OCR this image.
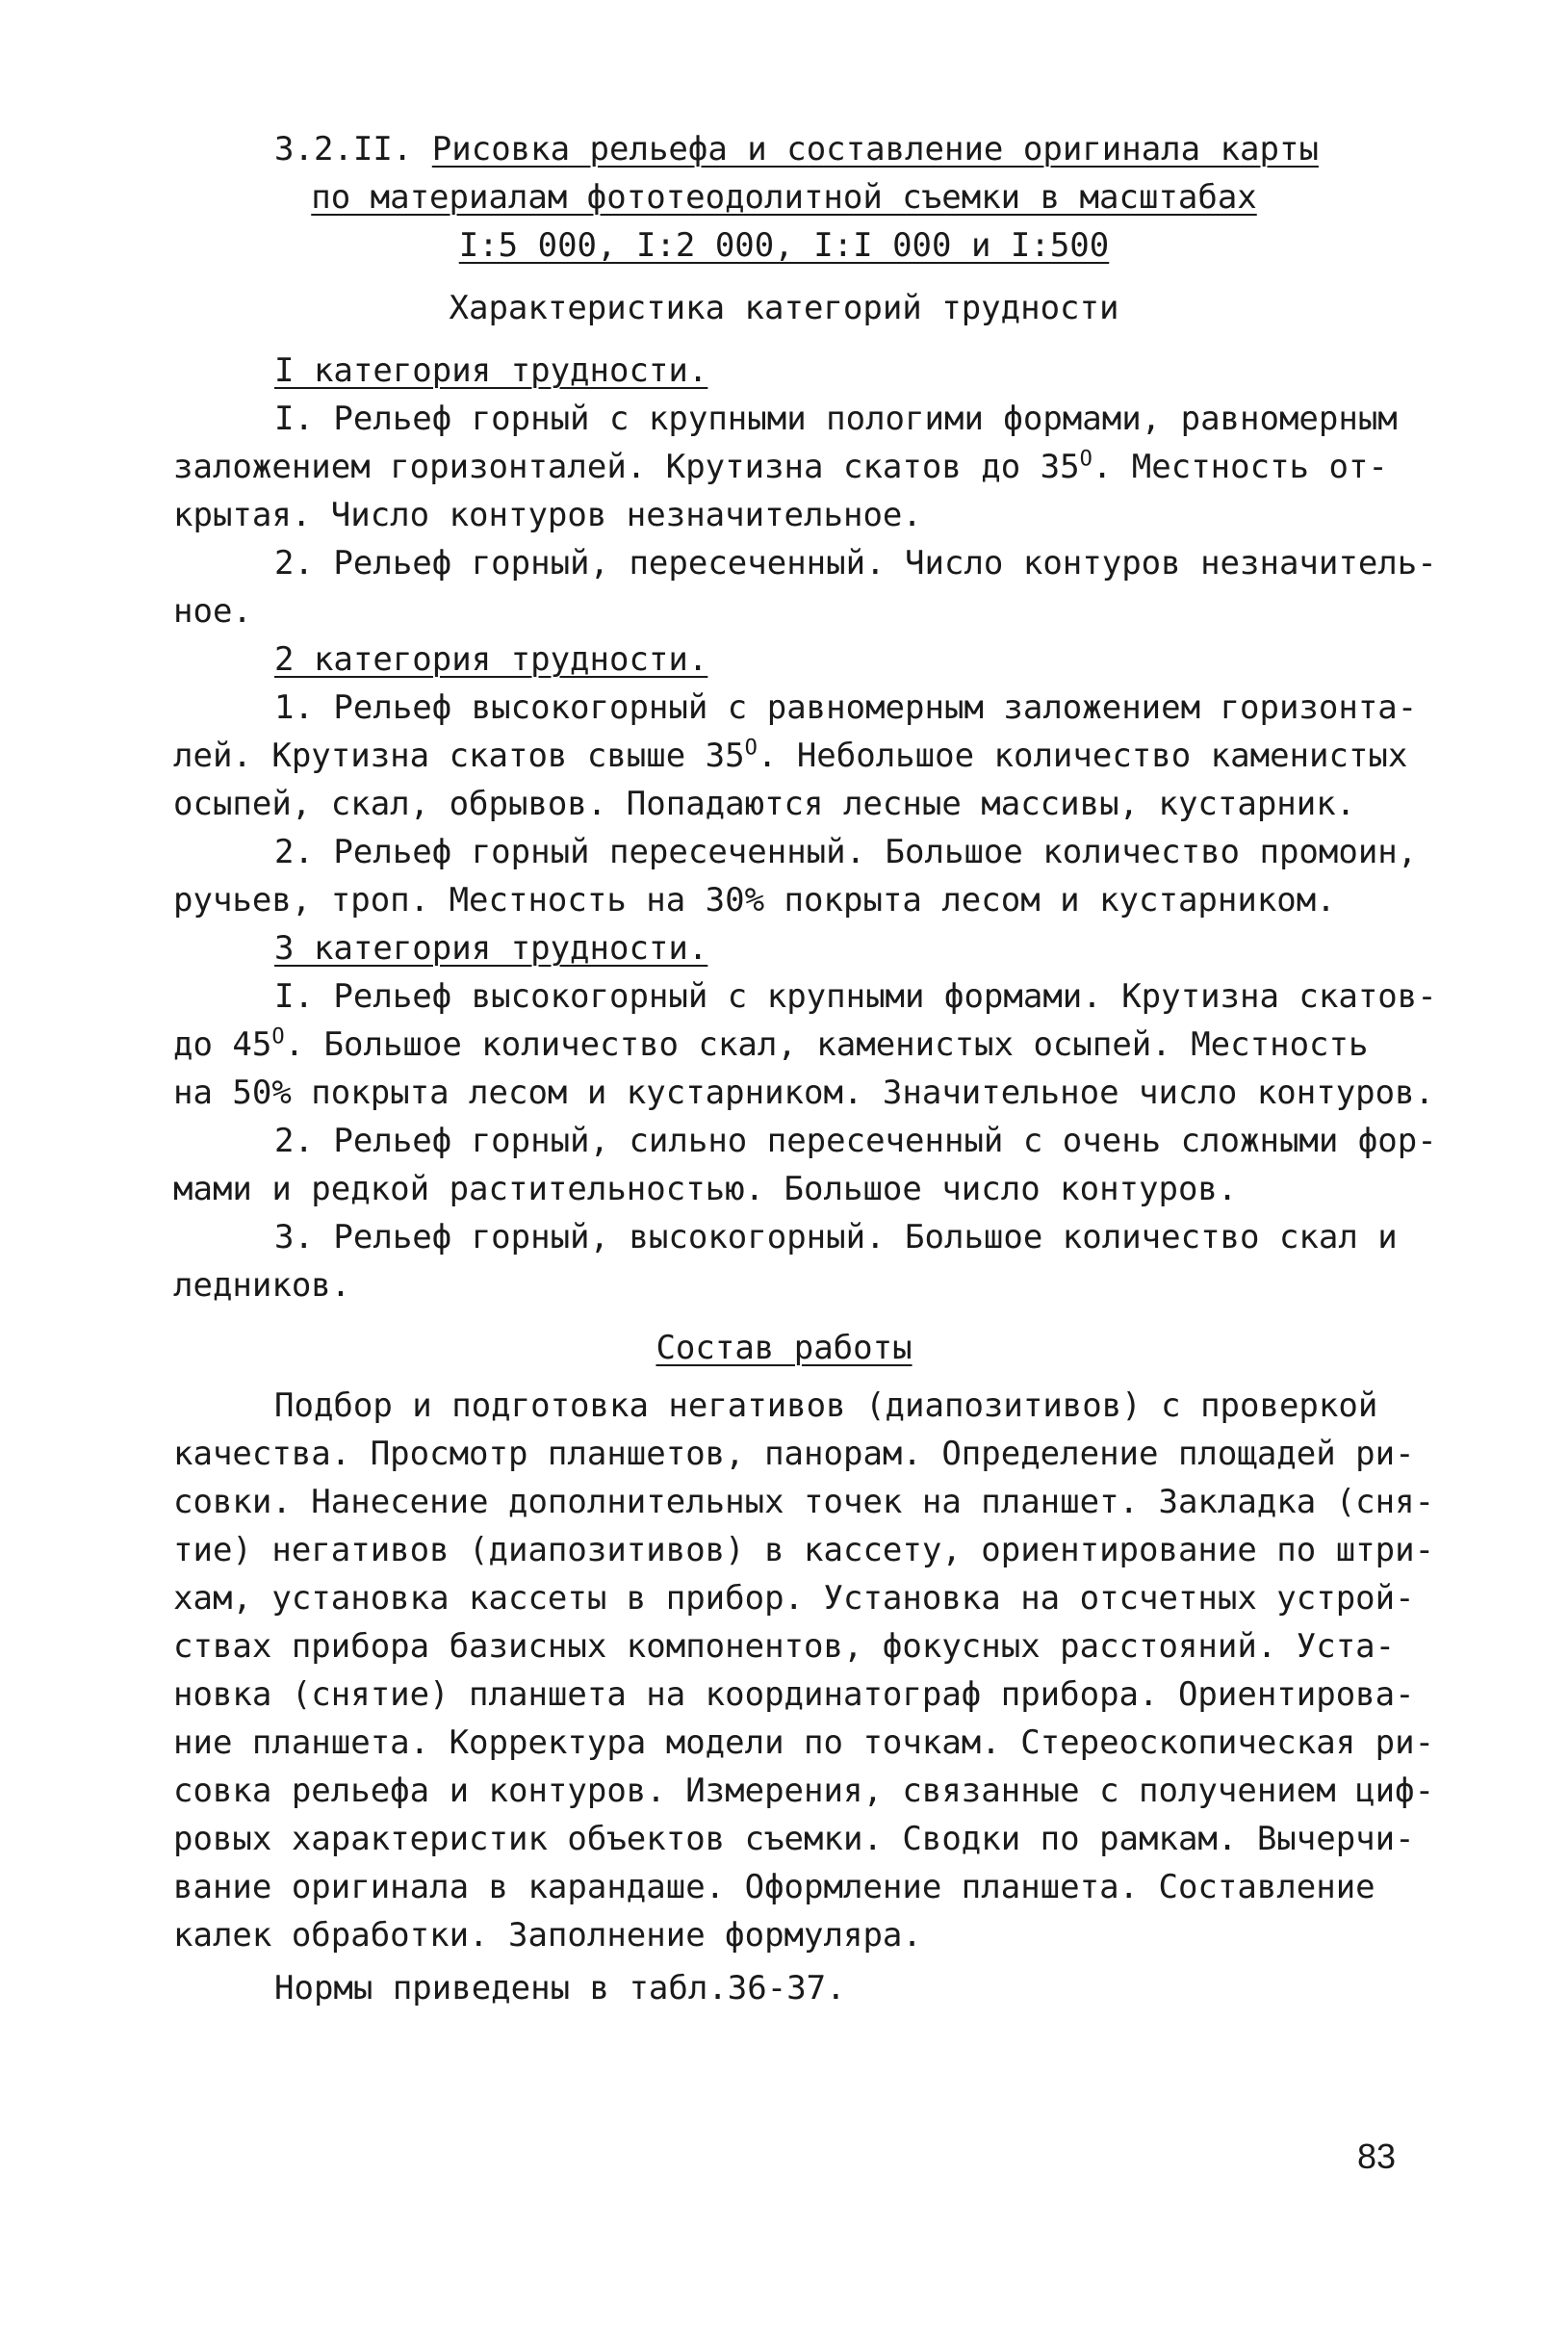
3.2.II. Рисовка рельефа и составление оригинала карты
по материалам фототеодолитной съемки в масштабах
I:5 000, I:2 000, I:I 000 и I:500
Характеристика категорий трудности
I категория трудности.
I. Рельеф горный с крупными пологими формами, равномерным
заложением горизонталей. Крутизна скатов до $35^О$. Местность от-
крытая. Число контуров незначительное.
2. Рельеф горный, пересеченный. Число контуров незначитель-
ное.
2 категория трудности.
1. Рельеф высокогорный с равномерным заложением горизонта-
лей. Крутизна скатов свыше $35^О$. Небольшое количество каменистых
осыпей, скал, обрывов. Попадаются лесные массивы, кустарник.
2. Рельеф горный пересеченный. Большое количество промоин,
ручьев, троп. Местность на 30% покрыта лесом и кустарником.
3 категория трудности.
I. Рельеф высокогорный с крупными формами. Крутизна скатов-
до $45^О$. Большое количество скал, каменистых осыпей. Местность
на 50% покрыта лесом и кустарником. Значительное число контуров.
2. Рельеф горный, сильно пересеченный с очень сложными фор-
мами и редкой растительностью. Большое число контуров.
3. Рельеф горный, высокогорный. Большое количество скал и
ледников.
Состав работы
Подбор и подготовка негативов (диапозитивов) с проверкой
качества. Просмотр планшетов, панорам. Определение площадей ри-
совки. Нанесение дополнительных точек на планшет. Закладка (сня-
тие) негативов (диапозитивов) в кассету, ориентирование по штри-
хам, установка кассеты в прибор. Установка на отсчетных устрой-
ствах прибора базисных компонентов, фокусных расстояний. Уста-
новка (снятие) планшета на координатограф прибора. Ориентирова-
ние планшета. Корректура модели по точкам. Стереоскопическая ри-
совка рельефа и контуров. Измерения, связанные с получением циф-
ровых характеристик объектов съемки. Сводки по рамкам. Вычерчи-
вание оригинала в карандаше. Оформление планшета. Составление
калек обработки. Заполнение формуляра.
Нормы приведены в табл.36-37.
83
